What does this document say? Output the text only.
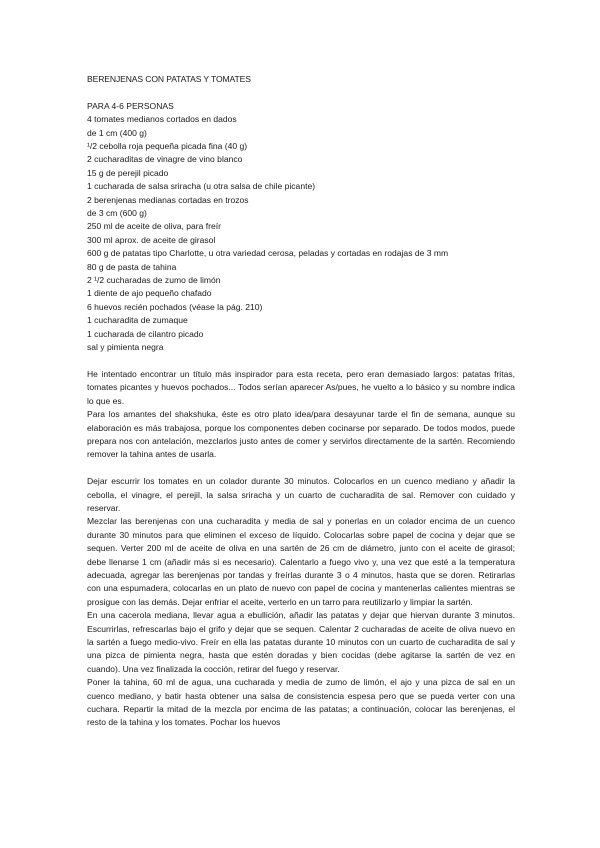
BERENJENAS CON PATATAS Y TOMATES

PARA 4-6 PERSONAS

4 tomates medianos cortados en dados

de 1 cm (400 g)

¹/2 cebolla roja pequeña picada fina (40 g)

2 cucharaditas de vinagre de vino blanco

15 g de perejil picado

1 cucharada de salsa sriracha (u otra salsa de chile picante)

2 berenjenas medianas cortadas en trozos

de 3 cm (600 g)

250 ml de aceite de oliva, para freír

300 ml aprox. de aceite de girasol

600 g de patatas tipo Charlotte, u otra variedad cerosa, peladas y cortadas en rodajas de 3 mm

80 g de pasta de tahina

2 ¹/2 cucharadas de zumo de limón

1 diente de ajo pequeño chafado

6 huevos recién pochados (véase la pág. 210)

1 cucharadita de zumaque

1 cucharada de cilantro picado

sal y pimienta negra

He intentado encontrar un título más inspirador para esta receta, pero eran demasiado largos: patatas fritas, tomates picantes y huevos pochados... Todos serían aparecer As/pues, he vuelto a lo básico y su nombre indica lo que es.

Para los amantes del shakshuka, éste es otro plato idea/para desayunar tarde el fin de semana, aunque su elaboración es más trabajosa, porque los componentes deben cocinarse por separado. De todos modos, puede prepara nos con antelación, mezclarlos justo antes de comer y servirlos directamente de la sartén. Recomiendo remover la tahina antes de usarla.

Dejar escurrir los tomates en un colador durante 30 minutos. Colocarlos en un cuenco mediano y añadir la cebolla, el vinagre, el perejil, la salsa sriracha y un cuarto de cucharadita de sal. Remover con cuidado y reservar.

Mezclar las berenjenas con una cucharadita y media de sal y ponerlas en un colador encima de un cuenco durante 30 minutos para que eliminen el exceso de líquido. Colocarlas sobre papel de cocina y dejar que se sequen. Verter 200 ml de aceite de oliva en una sartén de 26 cm de diámetro, junto con el aceite de girasol; debe llenarse 1 cm (añadir más si es necesario). Calentarlo a fuego vivo y, una vez que esté a la temperatura adecuada, agregar las berenjenas por tandas y freírlas durante 3 o 4 minutos, hasta que se doren. Retirarlas con una espumadera, colocarlas en un plato de nuevo con papel de cocina y mantenerlas calientes mientras se prosigue con las demás. Dejar enfriar el aceite, verterlo en un tarro para reutilizarlo y limpiar la sartén.

En una cacerola mediana, llevar agua a ebullición, añadir las patatas y dejar que hiervan durante 3 minutos. Escurrirlas, refrescarlas bajo el grifo y dejar que se sequen. Calentar 2 cucharadas de aceite de oliva nuevo en la sartén a fuego medio-vivo. Freír en ella las patatas durante 10 minutos con un cuarto de cucharadita de sal y una pizca de pimienta negra, hasta que estén doradas y bien cocidas (debe agitarse la sartén de vez en cuando). Una vez finalizada la cocción, retirar del fuego y reservar.

Poner la tahina, 60 ml de agua, una cucharada y media de zumo de limón, el ajo y una pizca de sal en un cuenco mediano, y batir hasta obtener una salsa de consistencia espesa pero que se pueda verter con una cuchara. Repartir la mitad de la mezcla por encima de las patatas; a continuación, colocar las berenjenas, el resto de la tahina y los tomates. Pochar los huevos
